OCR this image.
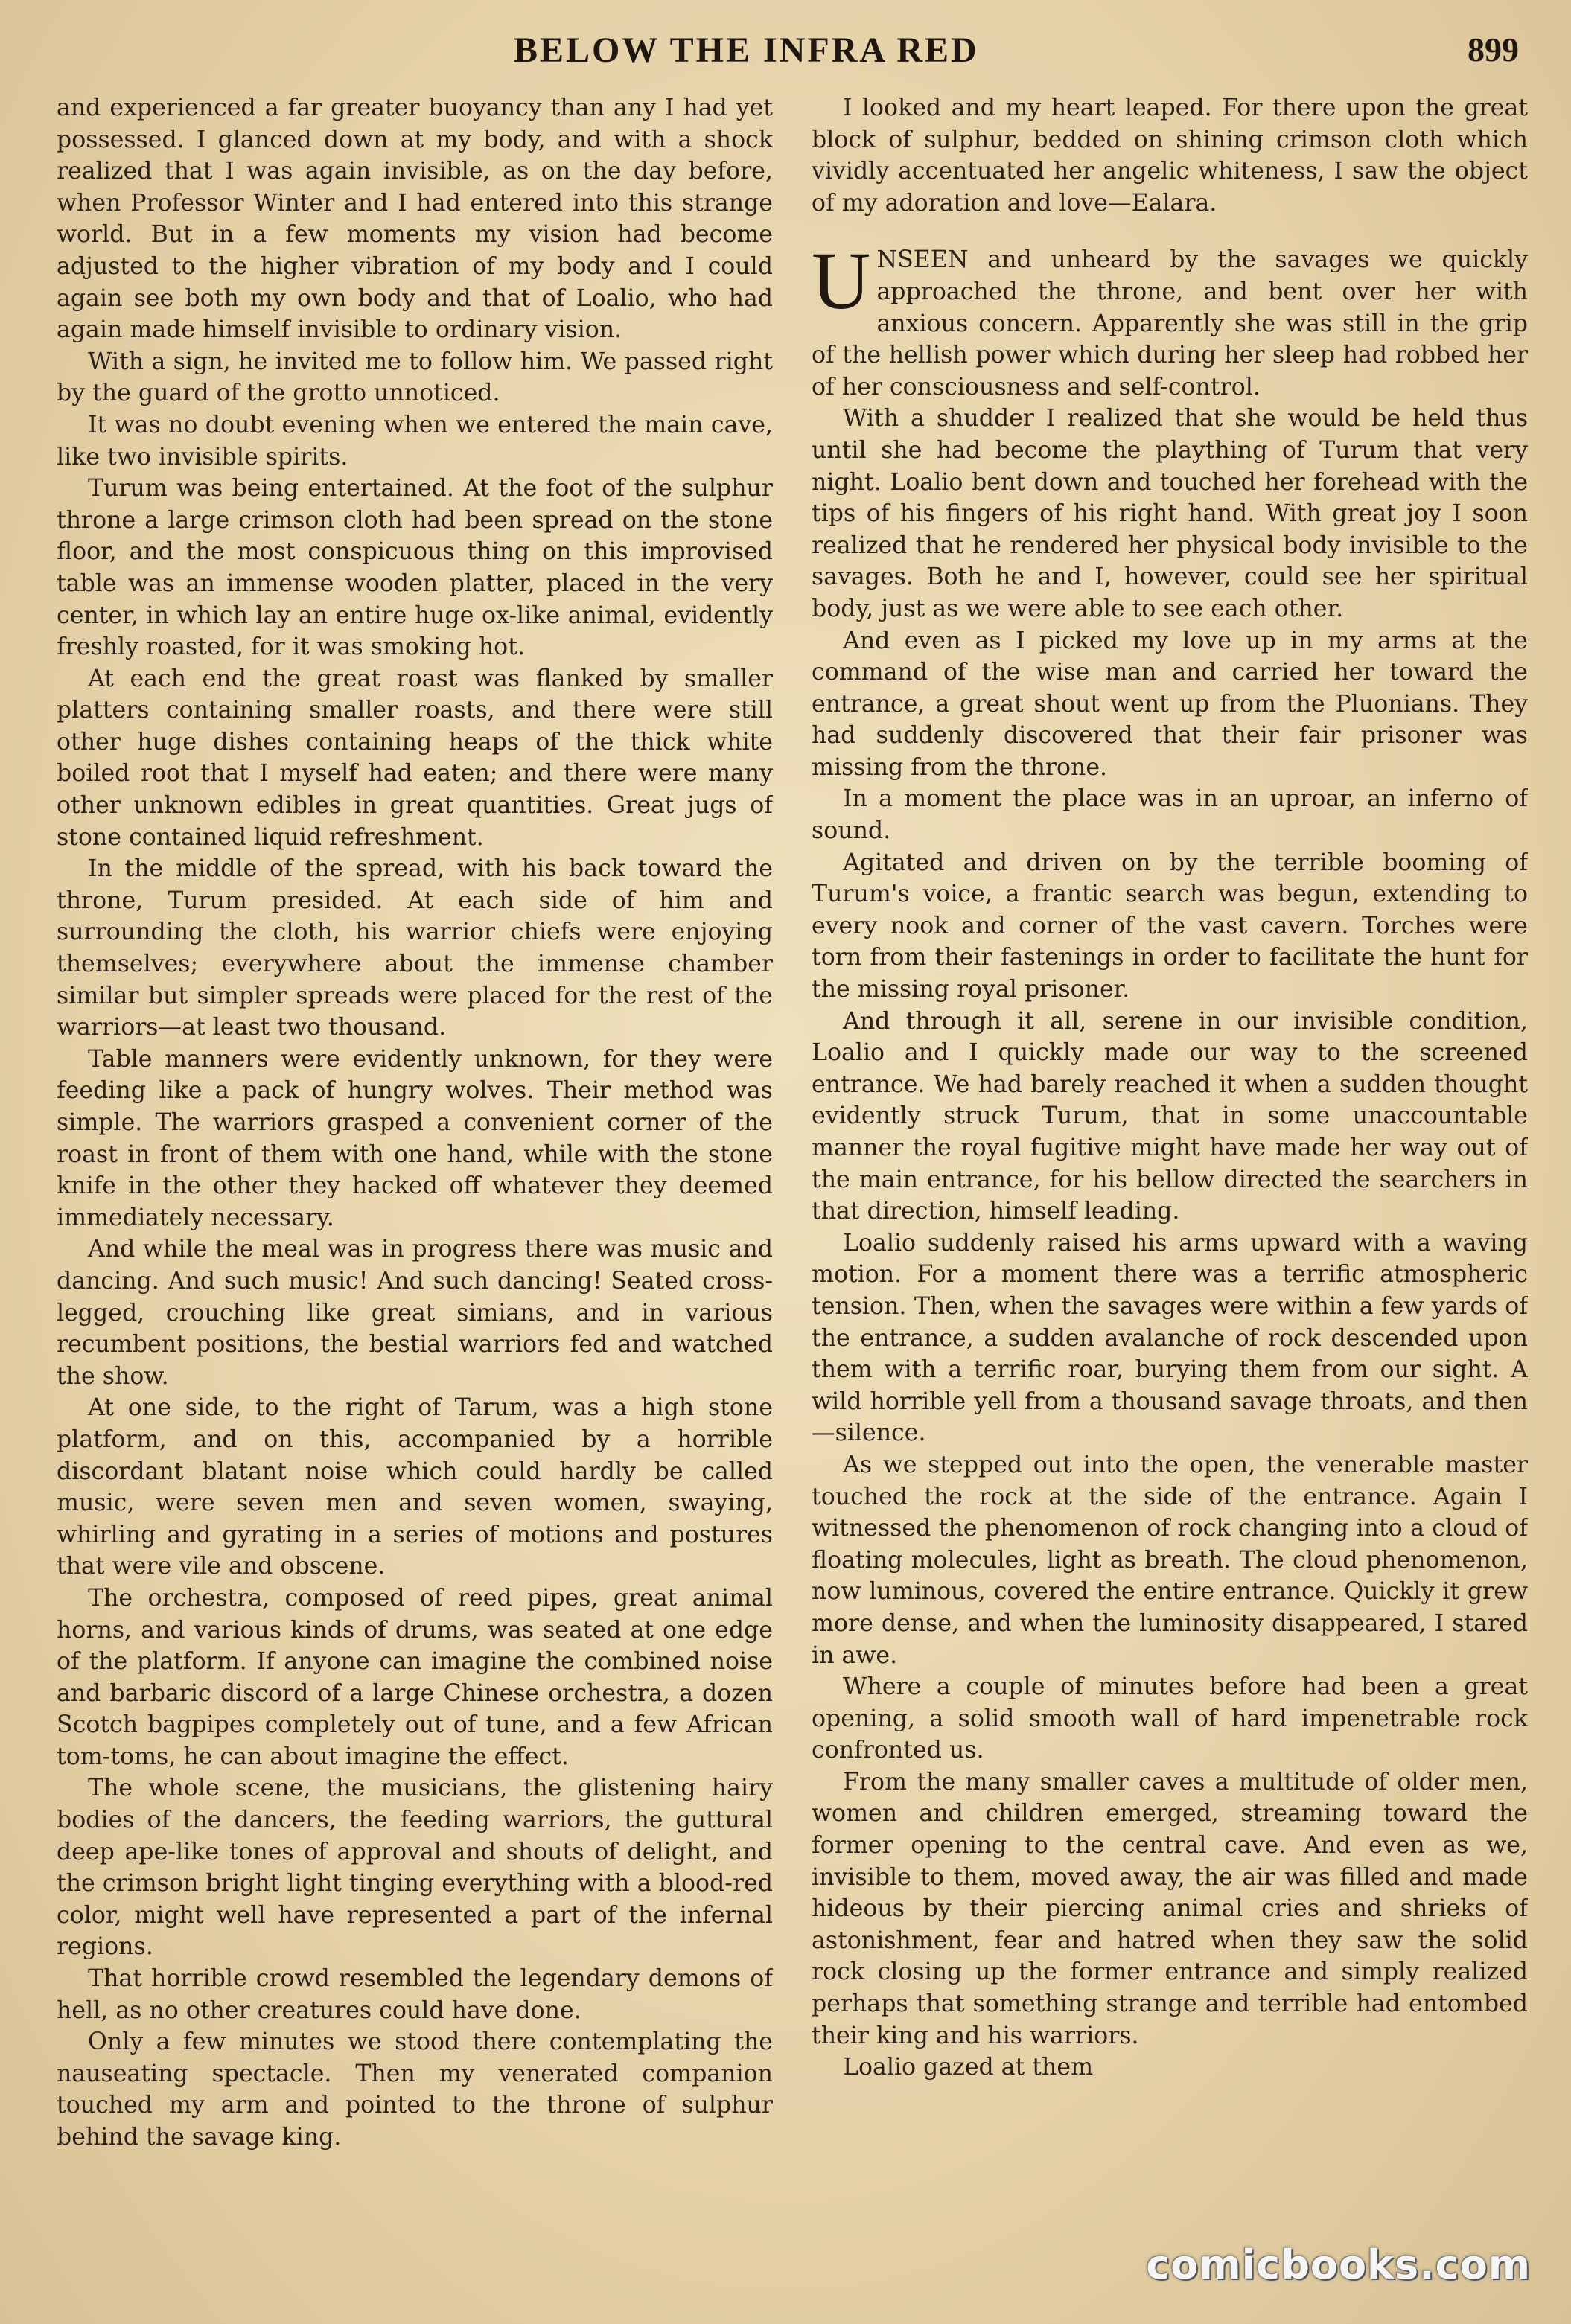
BELOW THE INFRA RED	899

and experienced a far greater buoyancy than any I had yet possessed. I glanced down at my body, and with a shock realized that I was again invisible, as on the day before, when Professor Winter and I had entered into this strange world. But in a few moments my vision had become adjusted to the higher vibration of my body and I could again see both my own body and that of Loalio, who had again made himself invisible to ordinary vision.

With a sign, he invited me to follow him. We passed right by the guard of the grotto unnoticed.

It was no doubt evening when we entered the main cave, like two invisible spirits.

Turum was being entertained. At the foot of the sulphur throne a large crimson cloth had been spread on the stone floor, and the most conspicuous thing on this improvised table was an immense wooden platter, placed in the very center, in which lay an entire huge ox-like animal, evidently freshly roasted, for it was smoking hot.

At each end the great roast was flanked by smaller platters containing smaller roasts, and there were still other huge dishes containing heaps of the thick white boiled root that I myself had eaten; and there were many other unknown edibles in great quantities. Great jugs of stone contained liquid refreshment.

In the middle of the spread, with his back toward the throne, Turum presided. At each side of him and surrounding the cloth, his warrior chiefs were enjoying themselves; everywhere about the immense chamber similar but simpler spreads were placed for the rest of the warriors—at least two thousand.

Table manners were evidently unknown, for they were feeding like a pack of hungry wolves. Their method was simple. The warriors grasped a convenient corner of the roast in front of them with one hand, while with the stone knife in the other they hacked off whatever they deemed immediately necessary.

And while the meal was in progress there was music and dancing. And such music! And such dancing! Seated cross-legged, crouching like great simians, and in various recumbent positions, the bestial warriors fed and watched the show.

At one side, to the right of Tarum, was a high stone platform, and on this, accompanied by a horrible discordant blatant noise which could hardly be called music, were seven men and seven women, swaying, whirling and gyrating in a series of motions and postures that were vile and obscene.

The orchestra, composed of reed pipes, great animal horns, and various kinds of drums, was seated at one edge of the platform. If anyone can imagine the combined noise and barbaric discord of a large Chinese orchestra, a dozen Scotch bagpipes completely out of tune, and a few African tom-toms, he can about imagine the effect.

The whole scene, the musicians, the glistening hairy bodies of the dancers, the feeding warriors, the guttural deep ape-like tones of approval and shouts of delight, and the crimson bright light tinging everything with a blood-red color, might well have represented a part of the infernal regions.

That horrible crowd resembled the legendary demons of hell, as no other creatures could have done.

Only a few minutes we stood there contemplating the nauseating spectacle. Then my venerated companion touched my arm and pointed to the throne of sulphur behind the savage king.

I looked and my heart leaped. For there upon the great block of sulphur, bedded on shining crimson cloth which vividly accentuated her angelic whiteness, I saw the object of my adoration and love—Ealara.

UNSEEN and unheard by the savages we quickly approached the throne, and bent over her with anxious concern. Apparently she was still in the grip of the hellish power which during her sleep had robbed her of her consciousness and self-control.

With a shudder I realized that she would be held thus until she had become the plaything of Turum that very night. Loalio bent down and touched her forehead with the tips of his fingers of his right hand. With great joy I soon realized that he rendered her physical body invisible to the savages. Both he and I, however, could see her spiritual body, just as we were able to see each other.

And even as I picked my love up in my arms at the command of the wise man and carried her toward the entrance, a great shout went up from the Pluonians. They had suddenly discovered that their fair prisoner was missing from the throne.

In a moment the place was in an uproar, an inferno of sound.

Agitated and driven on by the terrible booming of Turum's voice, a frantic search was begun, extending to every nook and corner of the vast cavern. Torches were torn from their fastenings in order to facilitate the hunt for the missing royal prisoner.

And through it all, serene in our invisible condition, Loalio and I quickly made our way to the screened entrance. We had barely reached it when a sudden thought evidently struck Turum, that in some unaccountable manner the royal fugitive might have made her way out of the main entrance, for his bellow directed the searchers in that direction, himself leading.

Loalio suddenly raised his arms upward with a waving motion. For a moment there was a terrific atmospheric tension. Then, when the savages were within a few yards of the entrance, a sudden avalanche of rock descended upon them with a terrific roar, burying them from our sight. A wild horrible yell from a thousand savage throats, and then—silence.

As we stepped out into the open, the venerable master touched the rock at the side of the entrance. Again I witnessed the phenomenon of rock changing into a cloud of floating molecules, light as breath. The cloud phenomenon, now luminous, covered the entire entrance. Quickly it grew more dense, and when the luminosity disappeared, I stared in awe.

Where a couple of minutes before had been a great opening, a solid smooth wall of hard impenetrable rock confronted us.

From the many smaller caves a multitude of older men, women and children emerged, streaming toward the former opening to the central cave. And even as we, invisible to them, moved away, the air was filled and made hideous by their piercing animal cries and shrieks of astonishment, fear and hatred when they saw the solid rock closing up the former entrance and simply realized perhaps that something strange and terrible had entombed their king and his warriors.

Loalio gazed at them

comicbooks.com
